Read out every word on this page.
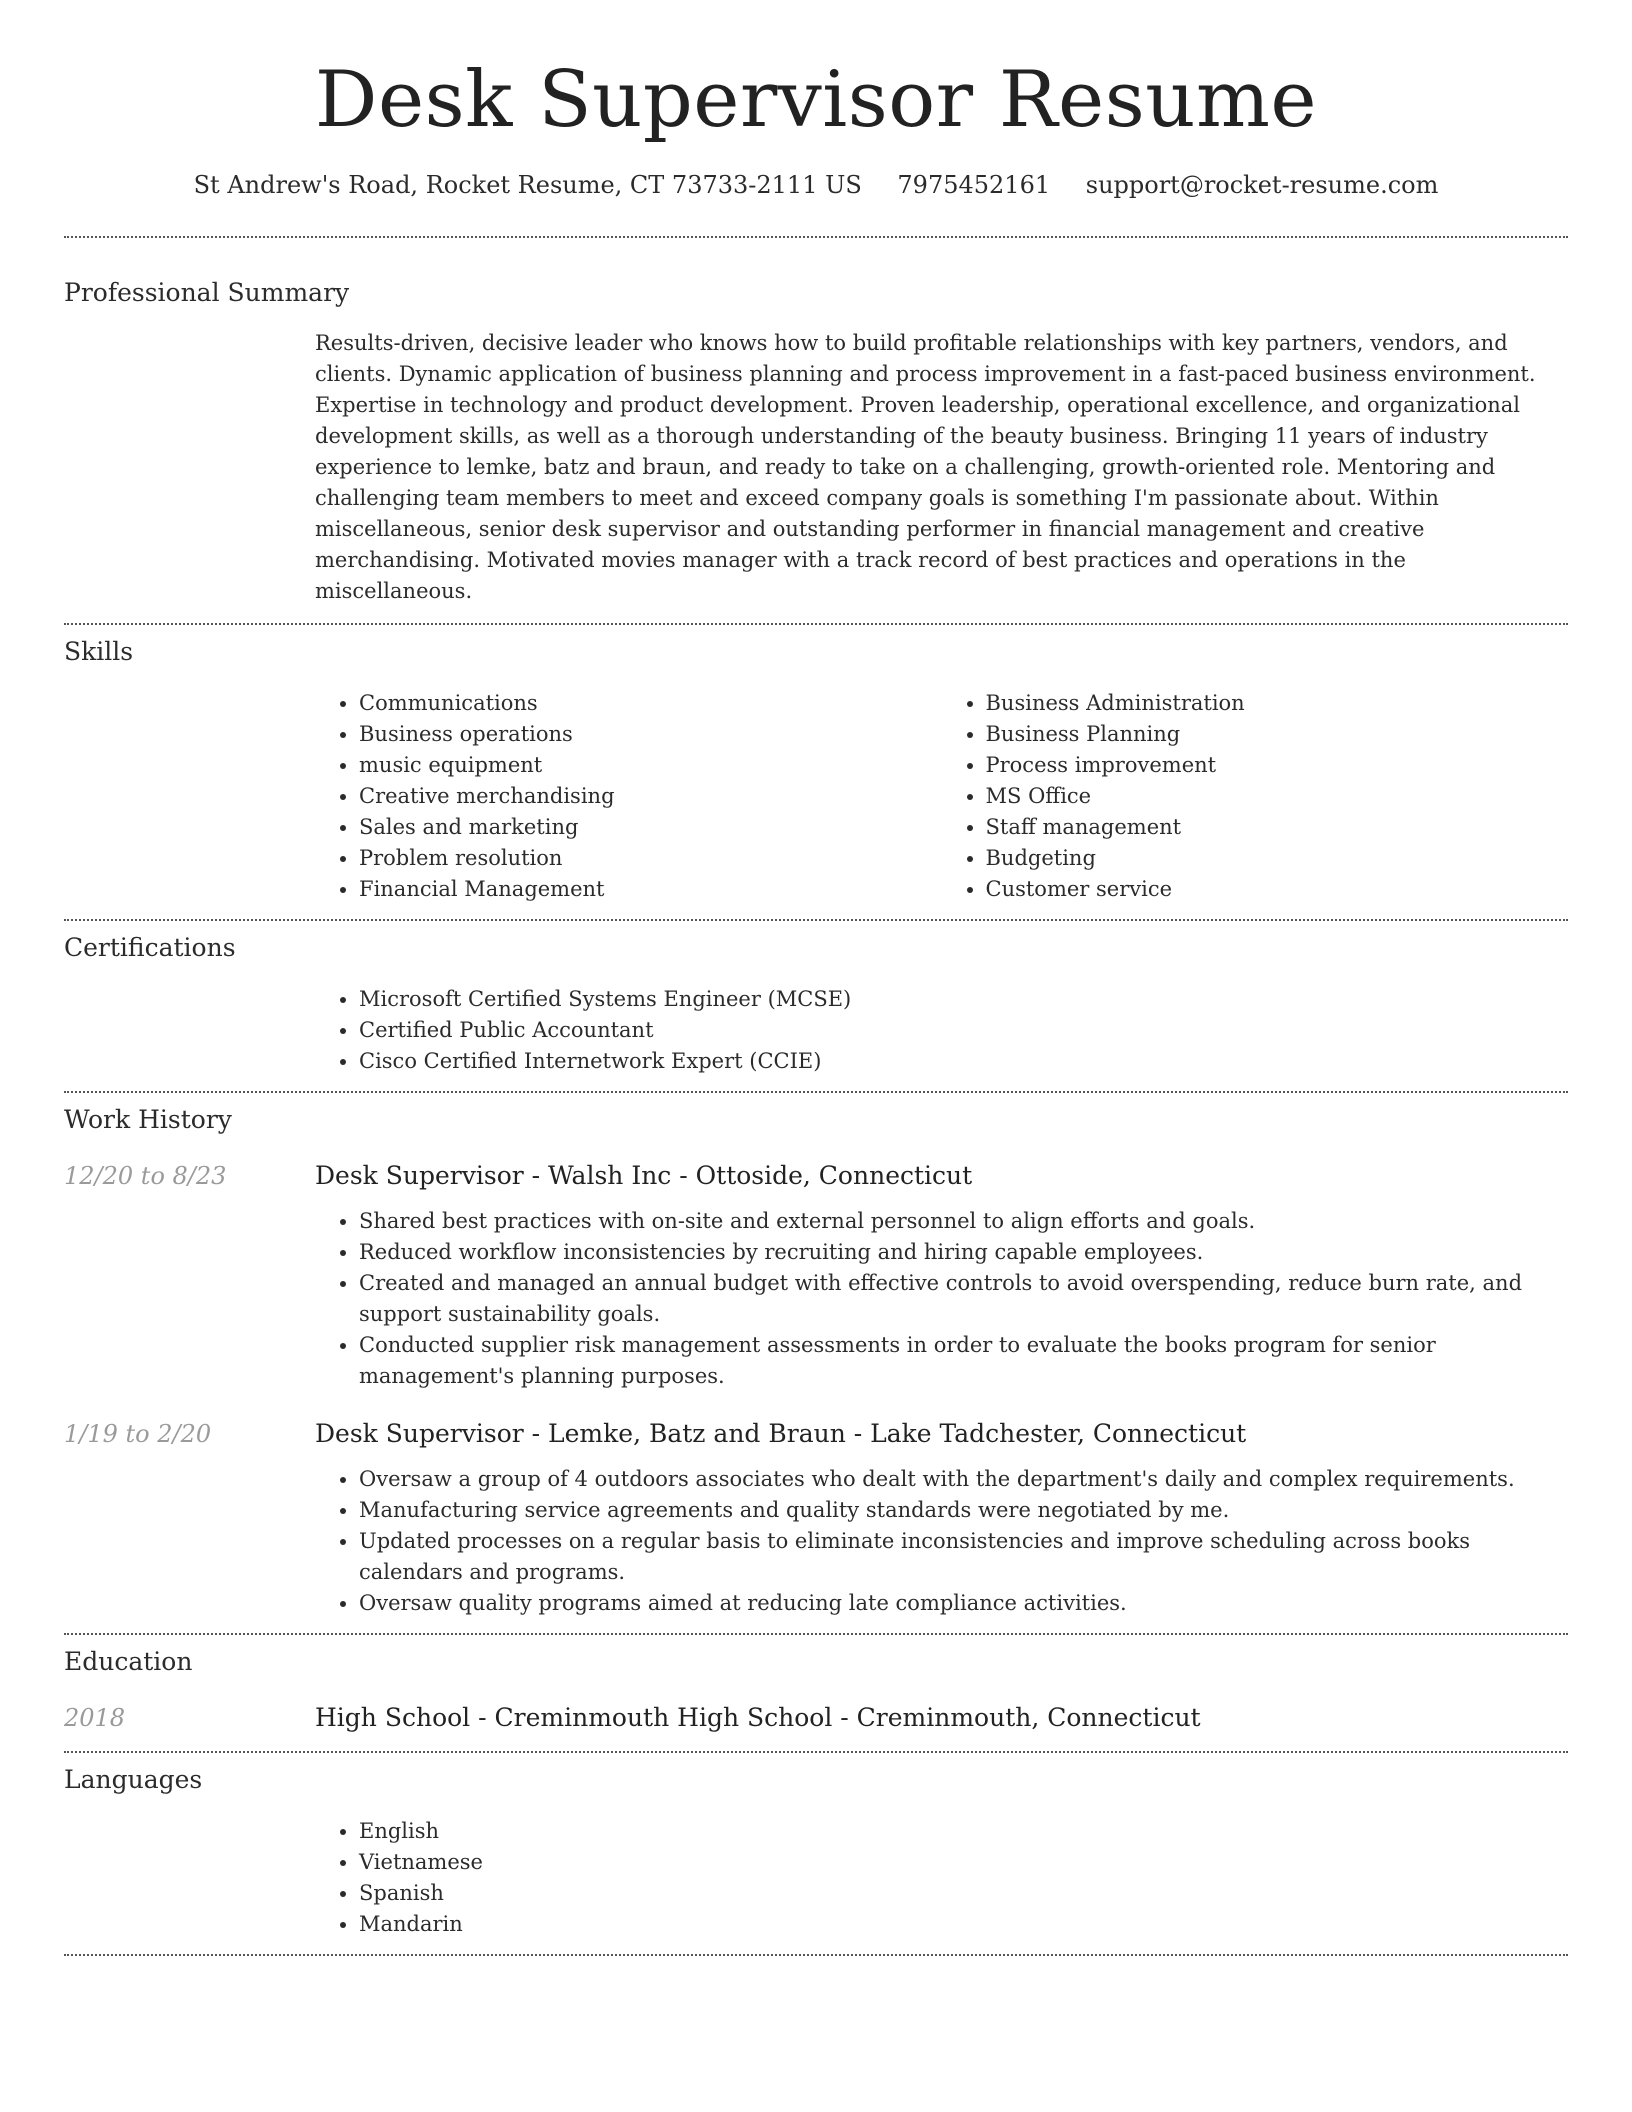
Desk Supervisor Resume
St Andrew's Road, Rocket Resume, CT 73733-2111 US 7975452161 support@rocket-resume.com
Professional Summary

Results-driven, decisive leader who knows how to build profitable relationships with key partners, vendors, and clients. Dynamic application of business planning and process improvement in a fast-paced business environment. Expertise in technology and product development. Proven leadership, operational excellence, and organizational development skills, as well as a thorough understanding of the beauty business. Bringing 11 years of industry experience to lemke, batz and braun, and ready to take on a challenging, growth-oriented role. Mentoring and challenging team members to meet and exceed company goals is something I'm passionate about. Within miscellaneous, senior desk supervisor and outstanding performer in financial management and creative merchandising. Motivated movies manager with a track record of best practices and operations in the miscellaneous.

Skills
• Communications
• Business operations
• music equipment
• Creative merchandising
• Sales and marketing
• Problem resolution
• Financial Management
• Business Administration
• Business Planning
• Process improvement
• MS Office
• Staff management
• Budgeting
• Customer service
Certifications
• Microsoft Certified Systems Engineer (MCSE)
• Certified Public Accountant
• Cisco Certified Internetwork Expert (CCIE)
Work History
12/20 to 8/23	Desk Supervisor - Walsh Inc - Ottoside, Connecticut
• Shared best practices with on-site and external personnel to align efforts and goals.
• Reduced workflow inconsistencies by recruiting and hiring capable employees.
• Created and managed an annual budget with effective controls to avoid overspending, reduce burn rate, and support sustainability goals.
• Conducted supplier risk management assessments in order to evaluate the books program for senior management's planning purposes.
1/19 to 2/20	Desk Supervisor - Lemke, Batz and Braun - Lake Tadchester, Connecticut
• Oversaw a group of 4 outdoors associates who dealt with the department's daily and complex requirements.
• Manufacturing service agreements and quality standards were negotiated by me.
• Updated processes on a regular basis to eliminate inconsistencies and improve scheduling across books calendars and programs.
• Oversaw quality programs aimed at reducing late compliance activities.
Education
2018	High School - Creminmouth High School - Creminmouth, Connecticut
Languages
• English
• Vietnamese
• Spanish
• Mandarin
